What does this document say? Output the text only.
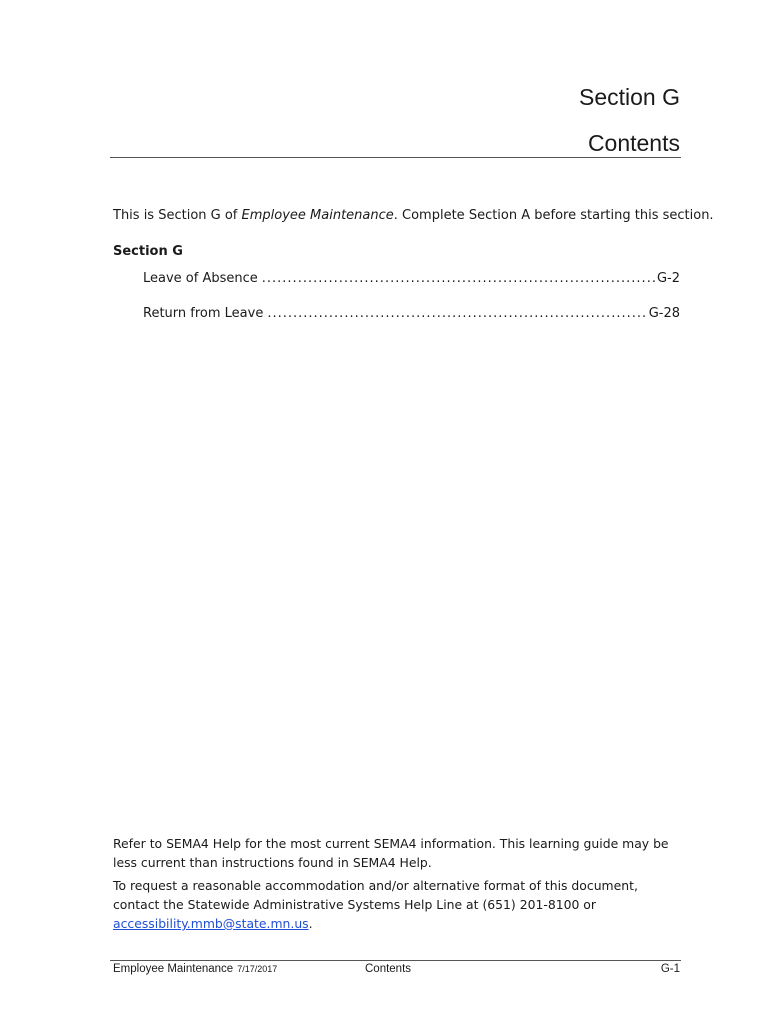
Section G
Contents
This is Section G of Employee Maintenance. Complete Section A before starting this section.
Section G
Leave of Absence .....	G-2
Return from Leave .....	G-28
Refer to SEMA4 Help for the most current SEMA4 information. This learning guide may be less current than instructions found in SEMA4 Help.
To request a reasonable accommodation and/or alternative format of this document, contact the Statewide Administrative Systems Help Line at (651) 201-8100 or accessibility.mmb@state.mn.us.
Employee Maintenance 7/17/2017	Contents	G-1
